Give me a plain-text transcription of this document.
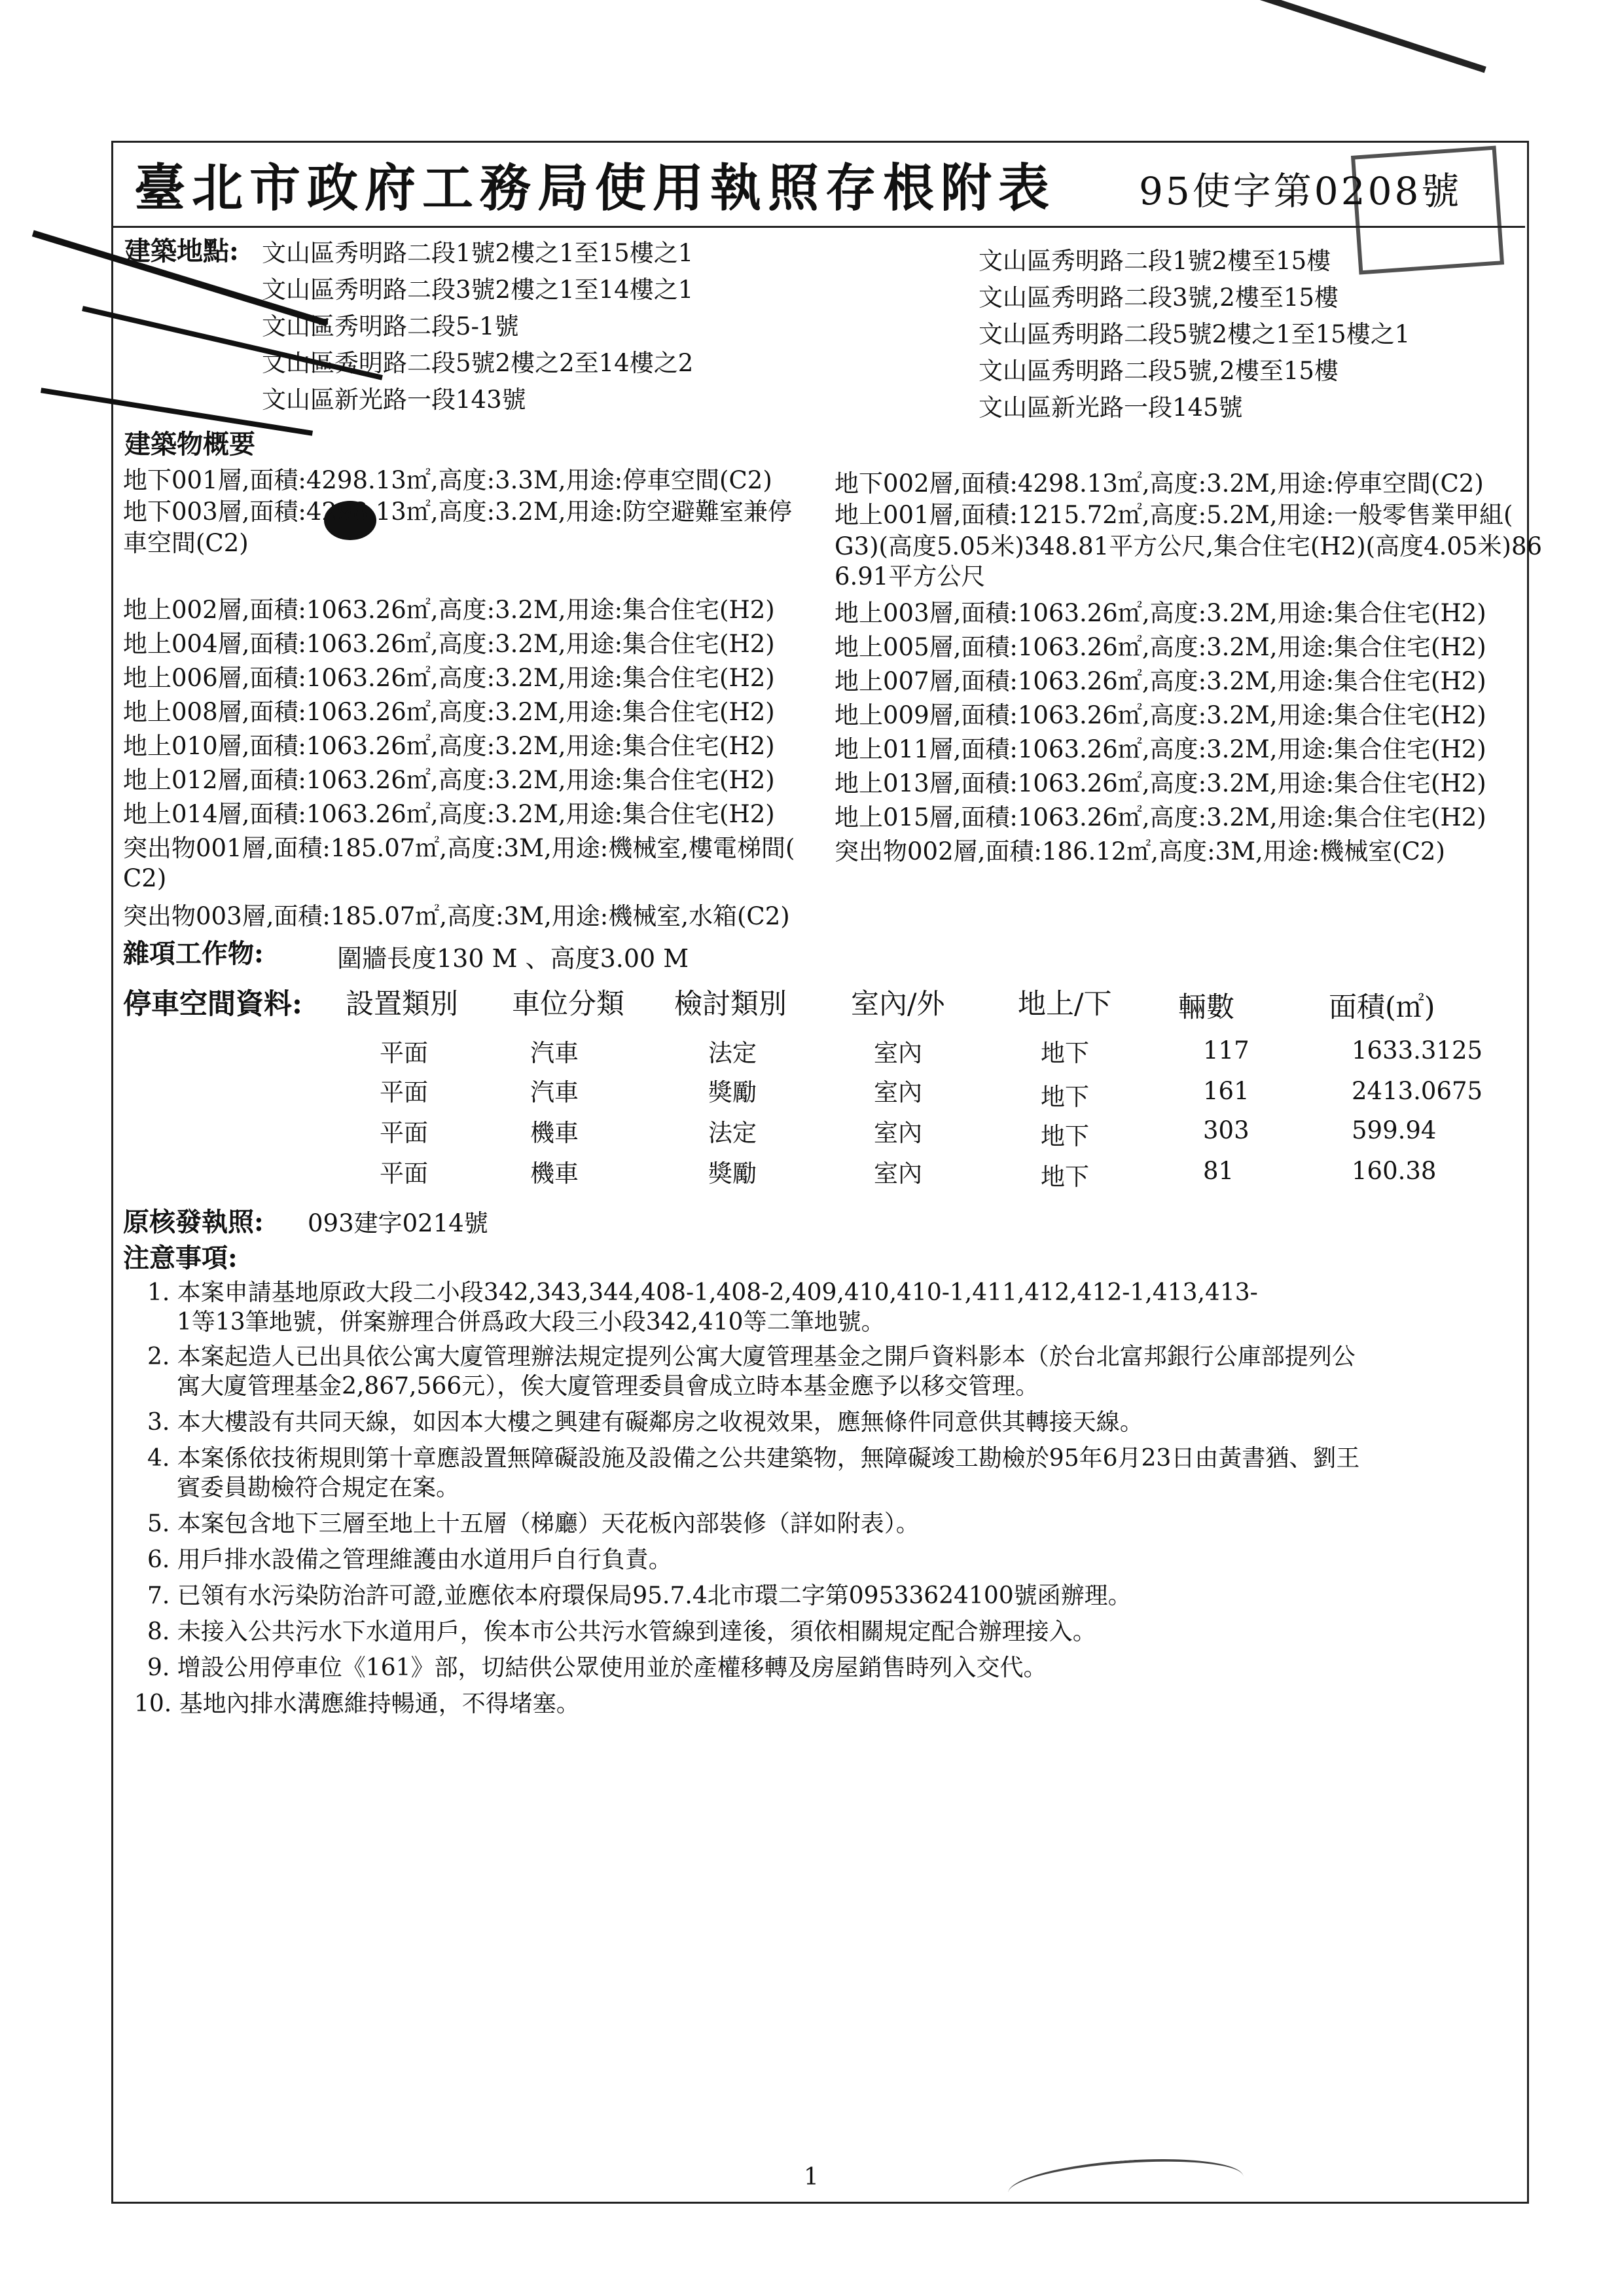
臺北市政府工務局使用執照存根附表 95使字第0208號
建築地點: 文山區秀明路二段1號2樓之1至15樓之1
文山區秀明路二段3號2樓之1至14樓之1
文山區秀明路二段5-1號
文山區秀明路二段5號2樓之2至14樓之2
文山區新光路一段143號
文山區秀明路二段1號2樓至15樓
文山區秀明路二段3號,2樓至15樓
文山區秀明路二段5號2樓之1至15樓之1
文山區秀明路二段5號,2樓至15樓
文山區新光路一段145號
建築物概要
地下001層,面積:4298.13㎡,高度:3.3M,用途:停車空間(C2)
地下003層,面積:4298.13㎡,高度:3.2M,用途:防空避難室兼停
車空間(C2)
地上002層,面積:1063.26㎡,高度:3.2M,用途:集合住宅(H2)
地上004層,面積:1063.26㎡,高度:3.2M,用途:集合住宅(H2)
地上006層,面積:1063.26㎡,高度:3.2M,用途:集合住宅(H2)
地上008層,面積:1063.26㎡,高度:3.2M,用途:集合住宅(H2)
地上010層,面積:1063.26㎡,高度:3.2M,用途:集合住宅(H2)
地上012層,面積:1063.26㎡,高度:3.2M,用途:集合住宅(H2)
地上014層,面積:1063.26㎡,高度:3.2M,用途:集合住宅(H2)
突出物001層,面積:185.07㎡,高度:3M,用途:機械室,樓電梯間(
C2)
突出物003層,面積:185.07㎡,高度:3M,用途:機械室,水箱(C2)
地下002層,面積:4298.13㎡,高度:3.2M,用途:停車空間(C2)
地上001層,面積:1215.72㎡,高度:5.2M,用途:一般零售業甲組(
G3)(高度5.05米)348.81平方公尺,集合住宅(H2)(高度4.05米)86
6.91平方公尺
地上003層,面積:1063.26㎡,高度:3.2M,用途:集合住宅(H2)
地上005層,面積:1063.26㎡,高度:3.2M,用途:集合住宅(H2)
地上007層,面積:1063.26㎡,高度:3.2M,用途:集合住宅(H2)
地上009層,面積:1063.26㎡,高度:3.2M,用途:集合住宅(H2)
地上011層,面積:1063.26㎡,高度:3.2M,用途:集合住宅(H2)
地上013層,面積:1063.26㎡,高度:3.2M,用途:集合住宅(H2)
地上015層,面積:1063.26㎡,高度:3.2M,用途:集合住宅(H2)
突出物002層,面積:186.12㎡,高度:3M,用途:機械室(C2)
雜項工作物:	圍牆長度130 M 、高度3.00 M
停車空間資料: 設置類別 車位分類 檢討類別 室內/外	地上/下 輛數	面積(㎡)
平面	汽車	法定	室內	地下	117	1633.3125
平面	汽車	獎勵	室內	地下	161	2413.0675
平面	機車	法定	室內	地下	303	599.94
平面	機車	獎勵	室內	地下	81	160.38
原核發執照: 093建字0214號
注意事項:
1. 本案申請基地原政大段二小段342,343,344,408-1,408-2,409,410,410-1,411,412,412-1,413,413-
1等13筆地號，併案辦理合併爲政大段三小段342,410等二筆地號。
2. 本案起造人已出具依公寓大廈管理辦法規定提列公寓大廈管理基金之開戶資料影本（於台北富邦銀行公庫部提列公
寓大廈管理基金2,867,566元），俟大廈管理委員會成立時本基金應予以移交管理。
3. 本大樓設有共同天線，如因本大樓之興建有礙鄰房之收視效果，應無條件同意供其轉接天線。
4. 本案係依技術規則第十章應設置無障礙設施及設備之公共建築物，無障礙竣工勘檢於95年6月23日由黃書猶、劉王
賓委員勘檢符合規定在案。
5. 本案包含地下三層至地上十五層（梯廳）天花板內部裝修（詳如附表）。
6. 用戶排水設備之管理維護由水道用戶自行負責。
7. 已領有水污染防治許可證,並應依本府環保局95.7.4北市環二字第09533624100號函辦理。
8. 未接入公共污水下水道用戶，俟本市公共污水管線到達後，須依相關規定配合辦理接入。
9. 增設公用停車位《161》部，切結供公眾使用並於產權移轉及房屋銷售時列入交代。
10. 基地內排水溝應維持暢通，不得堵塞。
1
